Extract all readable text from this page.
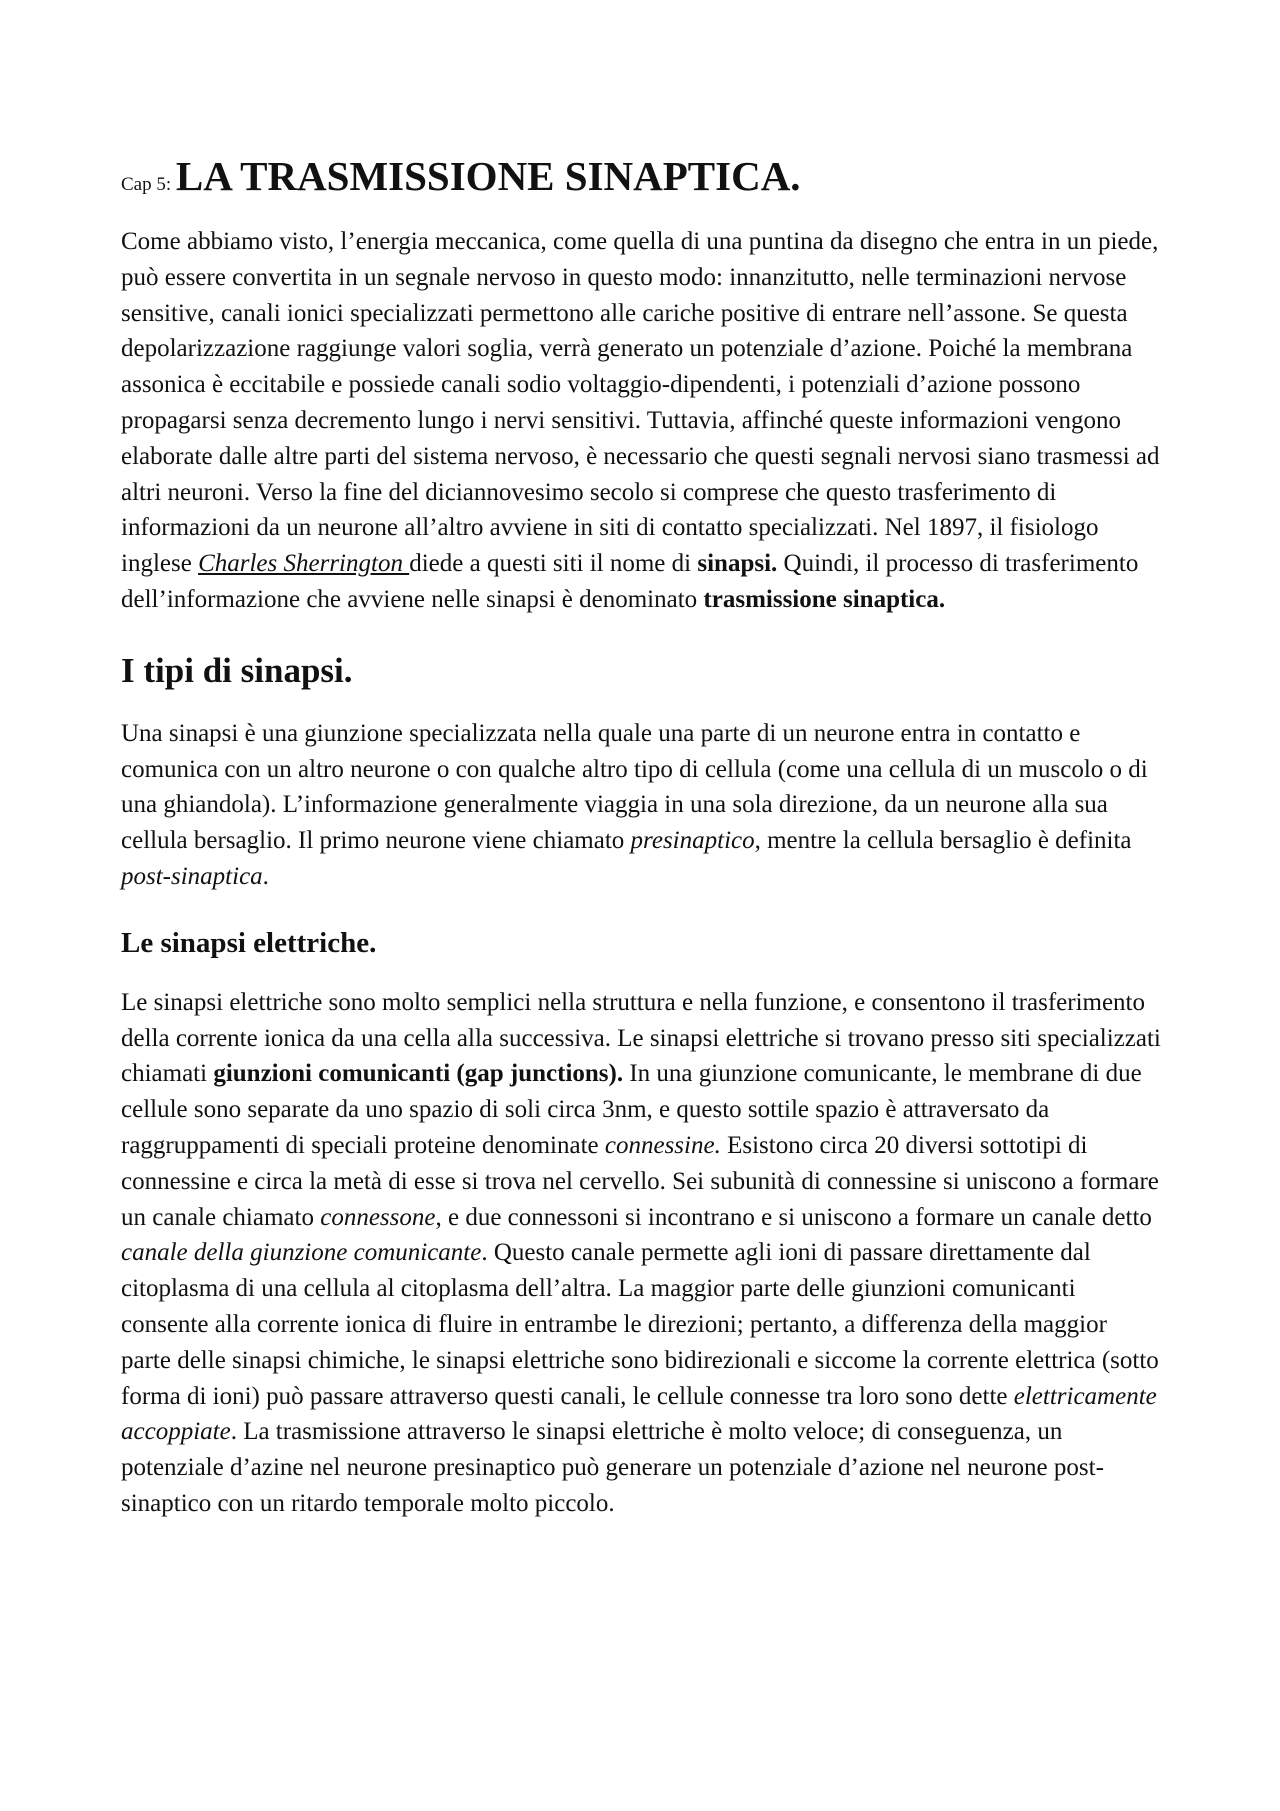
Cap 5: LA TRASMISSIONE SINAPTICA.

Come abbiamo visto, l’energia meccanica, come quella di una puntina da disegno che entra in un piede, può essere convertita in un segnale nervoso in questo modo: innanzitutto, nelle terminazioni nervose sensitive, canali ionici specializzati permettono alle cariche positive di entrare nell’assone. Se questa depolarizzazione raggiunge valori soglia, verrà generato un potenziale d’azione. Poiché la membrana assonica è eccitabile e possiede canali sodio voltaggio-dipendenti, i potenziali d’azione possono propagarsi senza decremento lungo i nervi sensitivi. Tuttavia, affinché queste informazioni vengono elaborate dalle altre parti del sistema nervoso, è necessario che questi segnali nervosi siano trasmessi ad altri neuroni. Verso la fine del diciannovesimo secolo si comprese che questo trasferimento di informazioni da un neurone all’altro avviene in siti di contatto specializzati. Nel 1897, il fisiologo inglese Charles Sherrington diede a questi siti il nome di sinapsi. Quindi, il processo di trasferimento dell’informazione che avviene nelle sinapsi è denominato trasmissione sinaptica.

I tipi di sinapsi.

Una sinapsi è una giunzione specializzata nella quale una parte di un neurone entra in contatto e comunica con un altro neurone o con qualche altro tipo di cellula (come una cellula di un muscolo o di una ghiandola). L’informazione generalmente viaggia in una sola direzione, da un neurone alla sua cellula bersaglio. Il primo neurone viene chiamato presinaptico, mentre la cellula bersaglio è definita post-sinaptica.

Le sinapsi elettriche.

Le sinapsi elettriche sono molto semplici nella struttura e nella funzione, e consentono il trasferimento della corrente ionica da una cella alla successiva. Le sinapsi elettriche si trovano presso siti specializzati chiamati giunzioni comunicanti (gap junctions). In una giunzione comunicante, le membrane di due cellule sono separate da uno spazio di soli circa 3nm, e questo sottile spazio è attraversato da raggruppamenti di speciali proteine denominate connessine. Esistono circa 20 diversi sottotipi di connessine e circa la metà di esse si trova nel cervello. Sei subunità di connessine si uniscono a formare un canale chiamato connessone, e due connessoni si incontrano e si uniscono a formare un canale detto canale della giunzione comunicante. Questo canale permette agli ioni di passare direttamente dal citoplasma di una cellula al citoplasma dell’altra. La maggior parte delle giunzioni comunicanti consente alla corrente ionica di fluire in entrambe le direzioni; pertanto, a differenza della maggior parte delle sinapsi chimiche, le sinapsi elettriche sono bidirezionali e siccome la corrente elettrica (sotto forma di ioni) può passare attraverso questi canali, le cellule connesse tra loro sono dette elettricamente accoppiate. La trasmissione attraverso le sinapsi elettriche è molto veloce; di conseguenza, un potenziale d’azine nel neurone presinaptico può generare un potenziale d’azione nel neurone post-sinaptico con un ritardo temporale molto piccolo.
